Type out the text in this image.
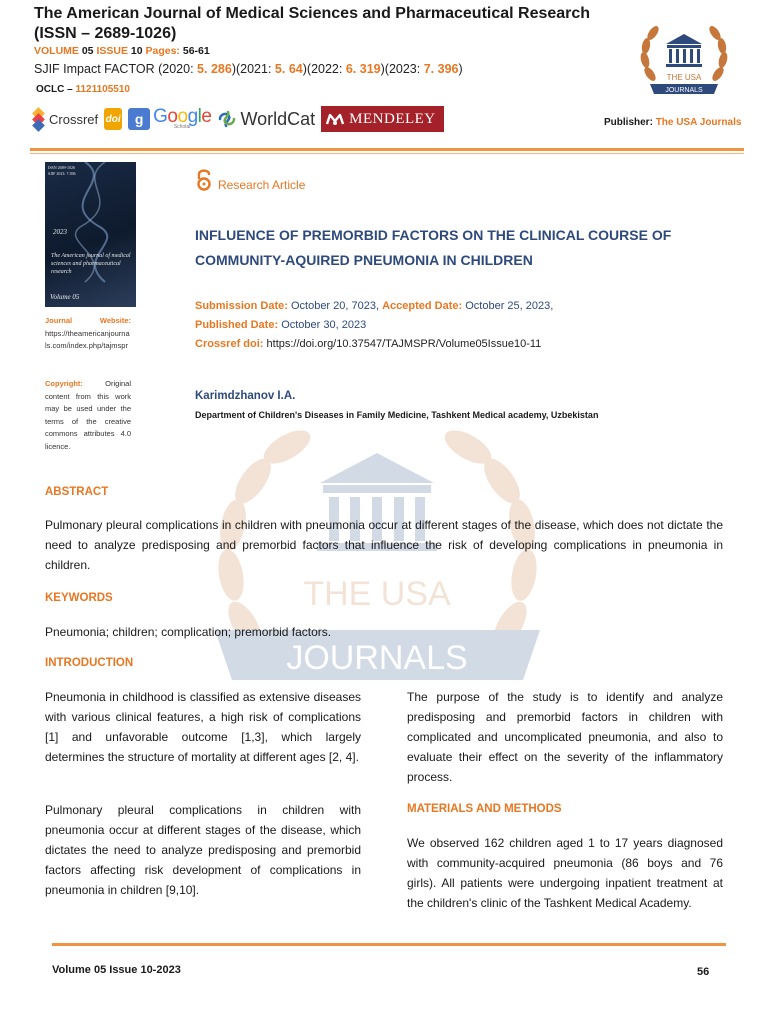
The American Journal of Medical Sciences and Pharmaceutical Research (ISSN – 2689-1026)
VOLUME 05 ISSUE 10 Pages: 56-61
SJIF Impact FACTOR (2020: 5. 286)(2021: 5. 64)(2022: 6. 319)(2023: 7. 396)
OCLC – 1121105510
Crossref doi	g Google
Scholar	WorldCat MENDELEY
THE USA
JOURNALS
Publisher: The USA Journals
THE USA
JOURNALS
ISSN 2689-1026
SJIF 2023: 7.396
2023
The American journal of medical sciences and pharmaceutical research
Volume 05
Journal Website:
https://theamericanjournals.com/index.php/tajmspr
Copyright:	Original content from this work may be used under the terms of the creative commons attributes 4.0 licence.
Research Article
INFLUENCE OF PREMORBID FACTORS ON THE CLINICAL COURSE OF COMMUNITY-AQUIRED PNEUMONIA IN CHILDREN
Submission Date: October 20, 7023, Accepted Date: October 25, 2023,
Published Date: October 30, 2023
Crossref doi: https://doi.org/10.37547/TAJMSPR/Volume05Issue10-11
Karimdzhanov I.A.
Department of Children's Diseases in Family Medicine, Tashkent Medical academy, Uzbekistan
ABSTRACT
Pulmonary pleural complications in children with pneumonia occur at different stages of the disease, which does not dictate the need to analyze predisposing and premorbid factors that influence the risk of developing complications in pneumonia in children.
KEYWORDS
Pneumonia; children; complication; premorbid factors.
INTRODUCTION
Pneumonia in childhood is classified as extensive diseases with various clinical features, a high risk of complications [1] and unfavorable outcome [1,3], which largely determines the structure of mortality at different ages [2, 4].
Pulmonary pleural complications in children with pneumonia occur at different stages of the disease, which dictates the need to analyze predisposing and premorbid factors affecting risk development of complications in pneumonia in children [9,10].
The purpose of the study is to identify and analyze predisposing and premorbid factors in children with complicated and uncomplicated pneumonia, and also to evaluate their effect on the severity of the inflammatory process.
MATERIALS AND METHODS
We observed 162 children aged 1 to 17 years diagnosed with community-acquired pneumonia (86 boys and 76 girls). All patients were undergoing inpatient treatment at the children's clinic of the Tashkent Medical Academy.
Volume 05 Issue 10-2023	56
